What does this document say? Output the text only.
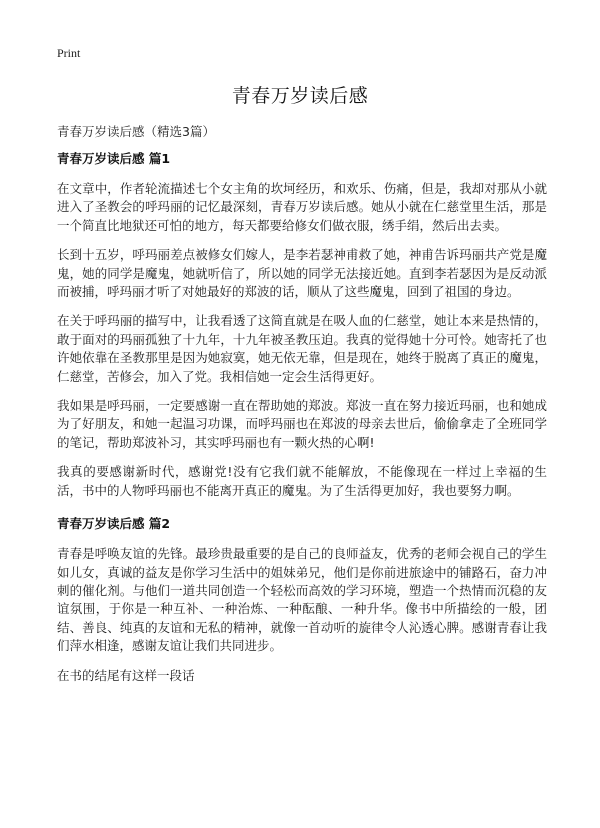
Print
青春万岁读后感
青春万岁读后感（精选3篇）
青春万岁读后感 篇1

在文章中，作者轮流描述七个女主角的坎坷经历，和欢乐、伤痛，但是，我却对那从小就进入了圣教会的呼玛丽的记忆最深刻，青春万岁读后感。她从小就在仁慈堂里生活，那是一个简直比地狱还可怕的地方，每天都要给修女们做衣服，绣手绢，然后出去卖。

长到十五岁，呼玛丽差点被修女们嫁人，是李若瑟神甫救了她，神甫告诉玛丽共产党是魔鬼，她的同学是魔鬼，她就听信了，所以她的同学无法接近她。直到李若瑟因为是反动派而被捕，呼玛丽才听了对她最好的郑波的话，顺从了这些魔鬼，回到了祖国的身边。

在关于呼玛丽的描写中，让我看透了这简直就是在吸人血的仁慈堂，她让本来是热情的，敢于面对的玛丽孤独了十九年，十九年被圣教压迫。我真的觉得她十分可怜。她寄托了也许她依靠在圣教那里是因为她寂寞，她无依无靠，但是现在，她终于脱离了真正的魔鬼，仁慈堂，苦修会，加入了党。我相信她一定会生活得更好。

我如果是呼玛丽，一定要感谢一直在帮助她的郑波。郑波一直在努力接近玛丽，也和她成为了好朋友，和她一起温习功课，而呼玛丽也在郑波的母亲去世后，偷偷拿走了全班同学的笔记，帮助郑波补习，其实呼玛丽也有一颗火热的心啊!

我真的要感谢新时代，感谢党!没有它我们就不能解放，不能像现在一样过上幸福的生活，书中的人物呼玛丽也不能离开真正的魔鬼。为了生活得更加好，我也要努力啊。

青春万岁读后感 篇2

青春是呼唤友谊的先锋。最珍贵最重要的是自己的良师益友，优秀的老师会视自己的学生如儿女，真诚的益友是你学习生活中的姐妹弟兄，他们是你前进旅途中的铺路石，奋力冲刺的催化剂。与他们一道共同创造一个轻松而高效的学习环境，塑造一个热情而沉稳的友谊氛围，于你是一种互补、一种治炼、一种酝酿、一种升华。像书中所描绘的一般，团结、善良、纯真的友谊和无私的精神，就像一首动听的旋律令人沁透心脾。感谢青春让我们萍水相逢，感谢友谊让我们共同进步。

在书的结尾有这样一段话
